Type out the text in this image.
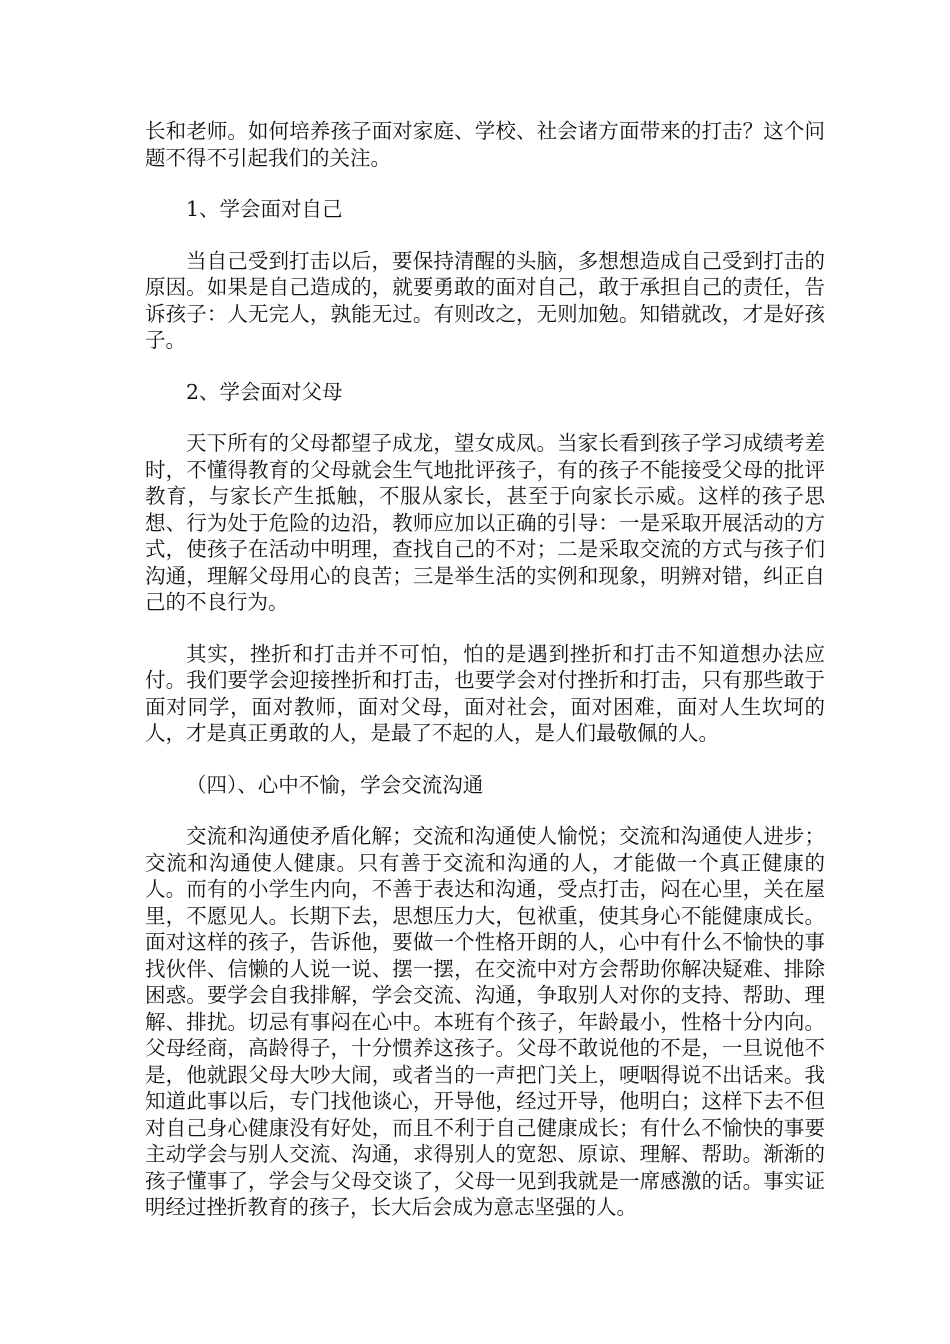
长和老师。如何培养孩子面对家庭、学校、社会诸方面带来的打击？这个问题不得不引起我们的关注。

1、学会面对自己

当自己受到打击以后，要保持清醒的头脑，多想想造成自己受到打击的原因。如果是自己造成的，就要勇敢的面对自己，敢于承担自己的责任，告诉孩子：人无完人，孰能无过。有则改之，无则加勉。知错就改，才是好孩子。

2、学会面对父母

天下所有的父母都望子成龙，望女成凤。当家长看到孩子学习成绩考差时，不懂得教育的父母就会生气地批评孩子，有的孩子不能接受父母的批评教育，与家长产生抵触，不服从家长，甚至于向家长示威。这样的孩子思想、行为处于危险的边沿，教师应加以正确的引导：一是采取开展活动的方式，使孩子在活动中明理，查找自己的不对；二是采取交流的方式与孩子们沟通，理解父母用心的良苦；三是举生活的实例和现象，明辨对错，纠正自己的不良行为。

其实，挫折和打击并不可怕，怕的是遇到挫折和打击不知道想办法应付。我们要学会迎接挫折和打击，也要学会对付挫折和打击，只有那些敢于面对同学，面对教师，面对父母，面对社会，面对困难，面对人生坎坷的人，才是真正勇敢的人，是最了不起的人，是人们最敬佩的人。

（四）、心中不愉，学会交流沟通

交流和沟通使矛盾化解；交流和沟通使人愉悦；交流和沟通使人进步；交流和沟通使人健康。只有善于交流和沟通的人，才能做一个真正健康的人。而有的小学生内向，不善于表达和沟通，受点打击，闷在心里，关在屋里，不愿见人。长期下去，思想压力大，包袱重，使其身心不能健康成长。面对这样的孩子，告诉他，要做一个性格开朗的人，心中有什么不愉快的事找伙伴、信懒的人说一说、摆一摆，在交流中对方会帮助你解决疑难、排除困惑。要学会自我排解，学会交流、沟通，争取别人对你的支持、帮助、理解、排扰。切忌有事闷在心中。本班有个孩子，年龄最小，性格十分内向。父母经商，高龄得子，十分惯养这孩子。父母不敢说他的不是，一旦说他不是，他就跟父母大吵大闹，或者当的一声把门关上，哽咽得说不出话来。我知道此事以后，专门找他谈心，开导他，经过开导，他明白；这样下去不但对自己身心健康没有好处，而且不利于自己健康成长；有什么不愉快的事要主动学会与别人交流、沟通，求得别人的宽恕、原谅、理解、帮助。渐渐的孩子懂事了，学会与父母交谈了，父母一见到我就是一席感激的话。事实证明经过挫折教育的孩子，长大后会成为意志坚强的人。
